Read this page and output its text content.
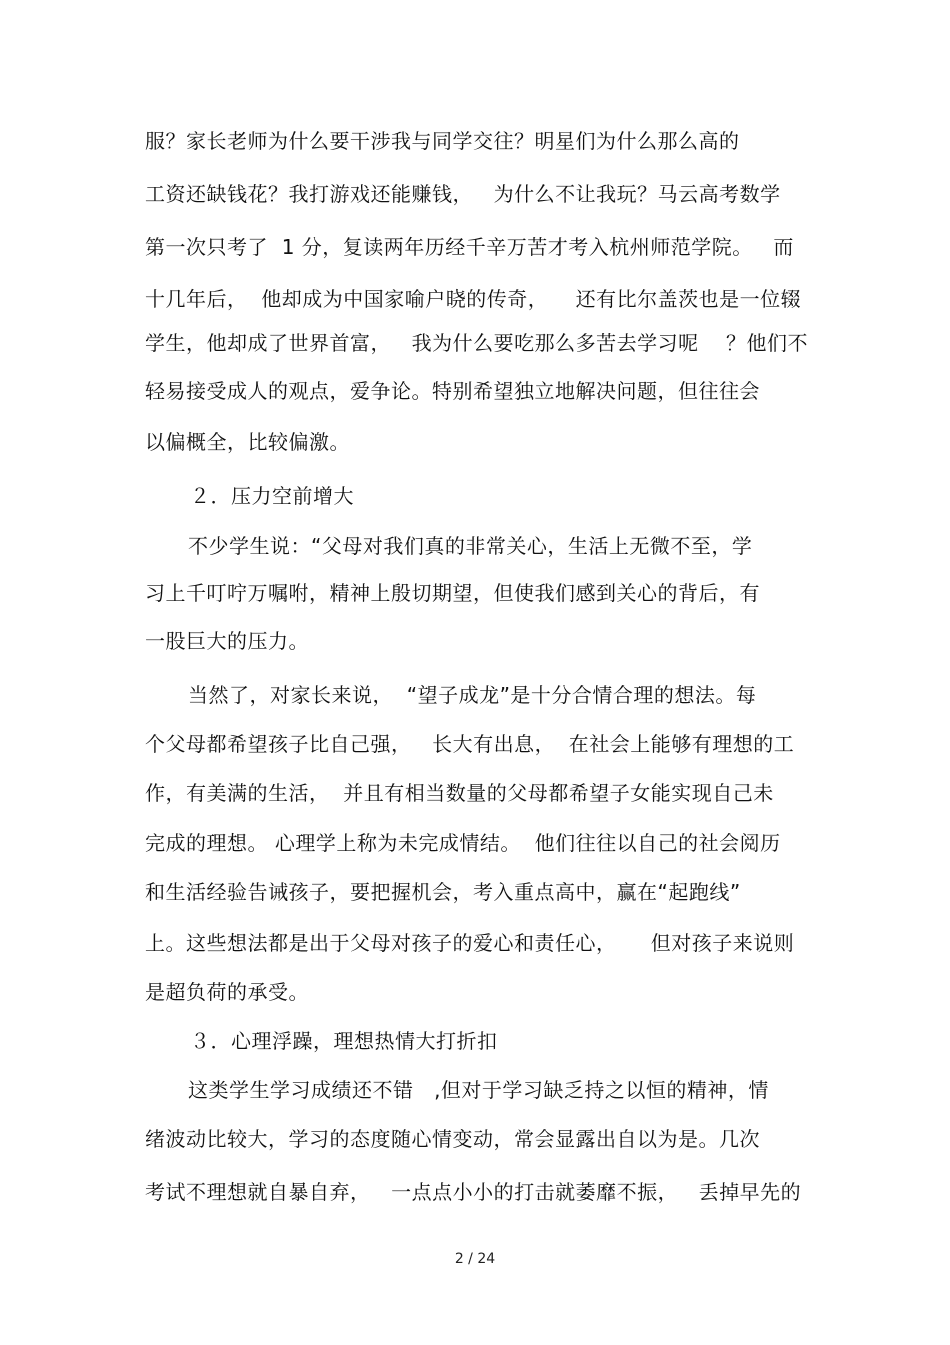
服？家长老师为什么要干涉我与同学交往？明星们为什么那么高的
工资还缺钱花？我打游戏还能赚钱，   为什么不让我玩？马云高考数学
第一次只考了  1 分，复读两年历经千辛万苦才考入杭州师范学院。   而
十几年后，  他却成为中国家喻户晓的传奇，    还有比尔盖茨也是一位辍
学生，他却成了世界首富，   我为什么要吃那么多苦去学习呢    ？他们不
轻易接受成人的观点，爱争论。特别希望独立地解决问题，但往往会
以偏概全，比较偏激。
２．压力空前增大
不少学生说：“父母对我们真的非常关心，生活上无微不至，学
习上千叮咛万嘱咐，精神上殷切期望，但使我们感到关心的背后，有
一股巨大的压力。
当然了，对家长来说，  “望子成龙”是十分合情合理的想法。每
个父母都希望孩子比自己强，   长大有出息，  在社会上能够有理想的工
作，有美满的生活，  并且有相当数量的父母都希望子女能实现自己未
完成的理想。 心理学上称为未完成情结。  他们往往以自己的社会阅历
和生活经验告诫孩子，要把握机会，考入重点高中，赢在“起跑线”
上。这些想法都是出于父母对孩子的爱心和责任心，     但对孩子来说则
是超负荷的承受。
３．心理浮躁，理想热情大打折扣
这类学生学习成绩还不错   ,但对于学习缺乏持之以恒的精神，情
绪波动比较大，学习的态度随心情变动，常会显露出自以为是。几次
考试不理想就自暴自弃，   一点点小小的打击就萎靡不振，   丢掉早先的
2 / 24
